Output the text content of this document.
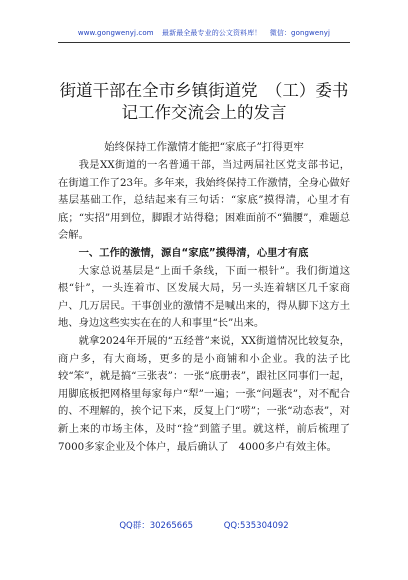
www.gongwenyj.com 最新最全最专业的公文资料库！ 微信：gongwenyj
街道干部在全市乡镇街道党　（工）委书记工作交流会上的发言
始终保持工作激情才能把“家底子”打得更牢

我是XX街道的一名普通干部，当过两届社区党支部书记，在街道工作了23年。多年来，我始终保持工作激情，全身心做好基层基础工作，总结起来有三句话：“家底”摸得清，心里才有底；“实招”用到位，脚跟才站得稳；困难面前不“猫腰”，难题总会解。

一、工作的激情，源自“家底”摸得清，心里才有底

大家总说基层是“上面千条线，下面一根针”。我们街道这根“针”，一头连着市、区发展大局，另一头连着辖区几千家商户、几万居民。干事创业的激情不是喊出来的，得从脚下这方土地、身边这些实实在在的人和事里“长”出来。

就拿2024年开展的“五经普”来说，XX街道情况比较复杂，商户多，有大商场，更多的是小商铺和小企业。我的法子比较“笨”，就是搞“三张表”：一张“底册表”，跟社区同事们一起，用脚底板把网格里每家每户“犁”一遍；一张“问题表”，对不配合的、不理解的，挨个记下来，反复上门“唠”；一张“动态表”，对新上来的市场主体，及时“捡”到篮子里。就这样，前后梳理了　7000多家企业及个体户，最后确认了　4000多户有效主体。

QQ群：30265665	QQ:535304092
